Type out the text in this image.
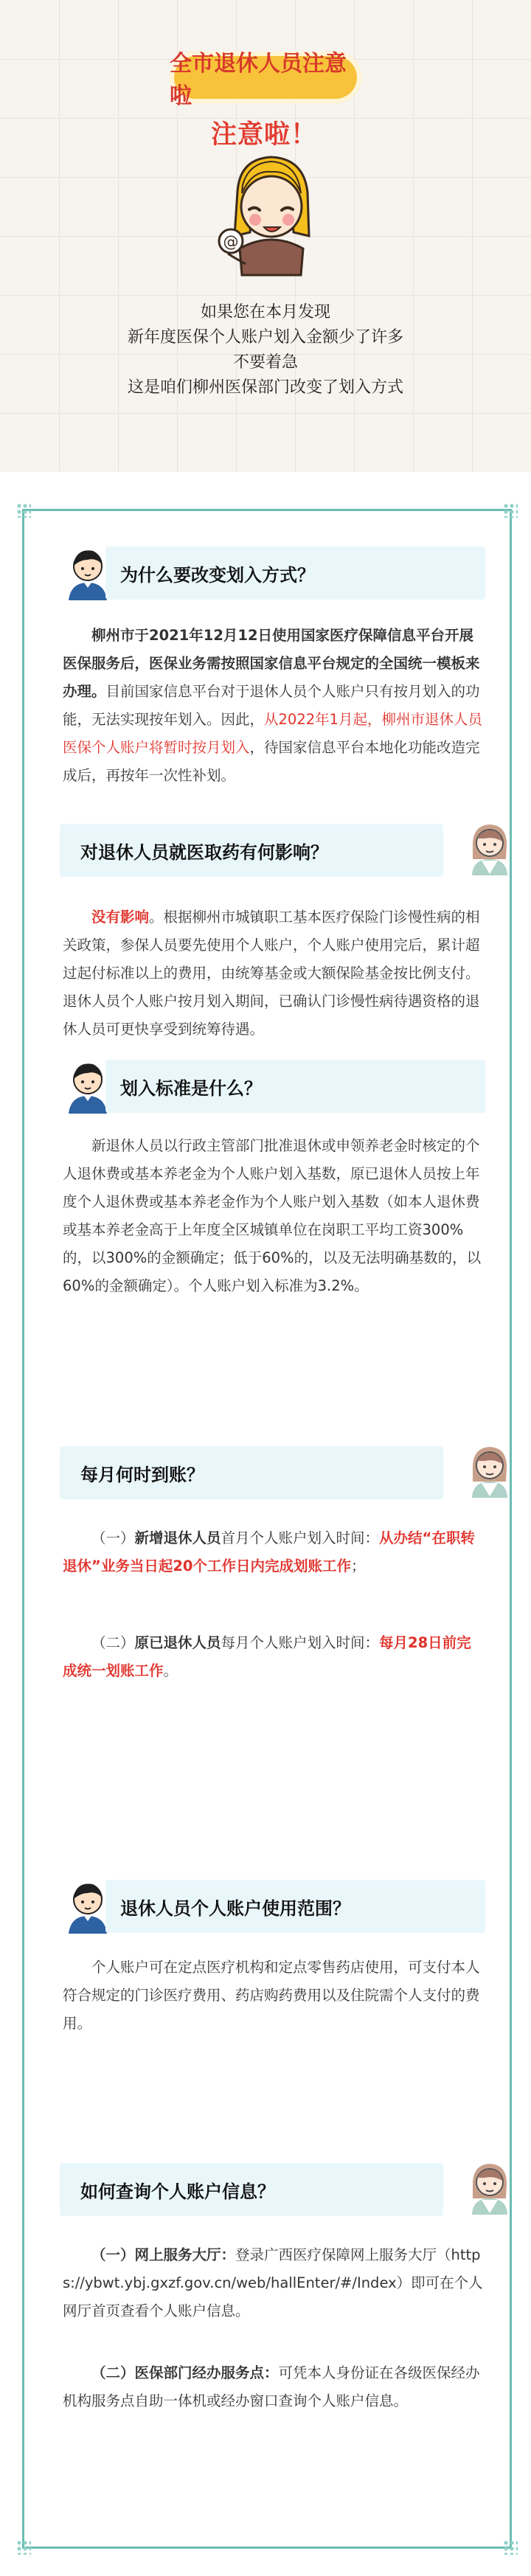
全市退休人员注意啦
注意啦！
@
如果您在本月发现
新年度医保个人账户划入金额少了许多
不要着急
这是咱们柳州医保部门改变了划入方式
为什么要改变划入方式？
柳州市于2021年12月12日使用国家医疗保障信息平台开展医保服务后，医保业务需按照国家信息平台规定的全国统一模板来办理。目前国家信息平台对于退休人员个人账户只有按月划入的功能，无法实现按年划入。因此，从2022年1月起，柳州市退休人员医保个人账户将暂时按月划入，待国家信息平台本地化功能改造完成后，再按年一次性补划。
对退休人员就医取药有何影响？
没有影响。根据柳州市城镇职工基本医疗保险门诊慢性病的相关政策，参保人员要先使用个人账户，个人账户使用完后，累计超过起付标准以上的费用，由统筹基金或大额保险基金按比例支付。退休人员个人账户按月划入期间，已确认门诊慢性病待遇资格的退休人员可更快享受到统筹待遇。
划入标准是什么？
新退休人员以行政主管部门批准退休或申领养老金时核定的个人退休费或基本养老金为个人账户划入基数，原已退休人员按上年度个人退休费或基本养老金作为个人账户划入基数（如本人退休费或基本养老金高于上年度全区城镇单位在岗职工平均工资300%的，以300%的金额确定；低于60%的，以及无法明确基数的，以60%的金额确定）。个人账户划入标准为3.2%。
每月何时到账？
（一）新增退休人员首月个人账户划入时间：从办结“在职转退休”业务当日起20个工作日内完成划账工作；
（二）原已退休人员每月个人账户划入时间：每月28日前完成统一划账工作。
退休人员个人账户使用范围？
个人账户可在定点医疗机构和定点零售药店使用，可支付本人符合规定的门诊医疗费用、药店购药费用以及住院需个人支付的费用。
如何查询个人账户信息？
（一）网上服务大厅：登录广西医疗保障网上服务大厅（https://ybwt.ybj.gxzf.gov.cn/web/hallEnter/#/Index）即可在个人网厅首页查看个人账户信息。
（二）医保部门经办服务点：可凭本人身份证在各级医保经办机构服务点自助一体机或经办窗口查询个人账户信息。
